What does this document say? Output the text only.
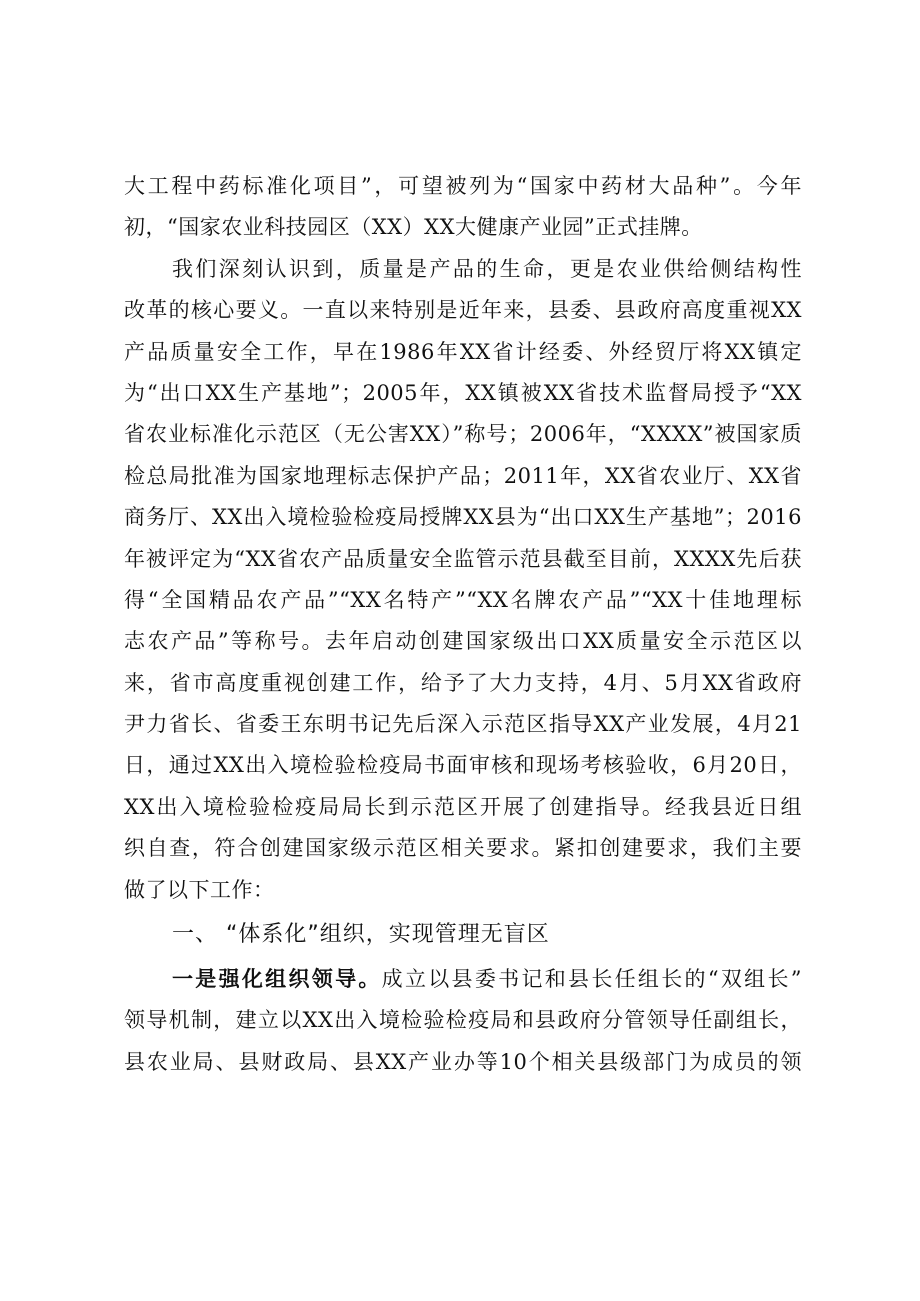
大工程中药标准化项目”，可望被列为“国家中药材大品种”。今年
初，“国家农业科技园区（XX）XX大健康产业园”正式挂牌。
我们深刻认识到，质量是产品的生命，更是农业供给侧结构性
改革的核心要义。一直以来特别是近年来，县委、县政府高度重视XX
产品质量安全工作，早在1986年XX省计经委、外经贸厅将XX镇定
为“出口XX生产基地”；2005年，XX镇被XX省技术监督局授予“XX
省农业标准化示范区（无公害XX）”称号；2006年，“XXXX”被国家质
检总局批准为国家地理标志保护产品；2011年，XX省农业厅、XX省
商务厅、XX出入境检验检疫局授牌XX县为“出口XX生产基地”；2016
年被评定为“XX省农产品质量安全监管示范县截至目前，XXXX先后获
得“全国精品农产品”“XX名特产”“XX名牌农产品”“XX十佳地理标
志农产品”等称号。去年启动创建国家级出口XX质量安全示范区以
来，省市高度重视创建工作，给予了大力支持，4月、5月XX省政府
尹力省长、省委王东明书记先后深入示范区指导XX产业发展，4月21
日，通过XX出入境检验检疫局书面审核和现场考核验收，6月20日，
XX出入境检验检疫局局长到示范区开展了创建指导。经我县近日组
织自查，符合创建国家级示范区相关要求。紧扣创建要求，我们主要
做了以下工作：
一、 “体系化”组织，实现管理无盲区
一是强化组织领导。成立以县委书记和县长任组长的“双组长”
领导机制，建立以XX出入境检验检疫局和县政府分管领导任副组长，
县农业局、县财政局、县XX产业办等10个相关县级部门为成员的领
